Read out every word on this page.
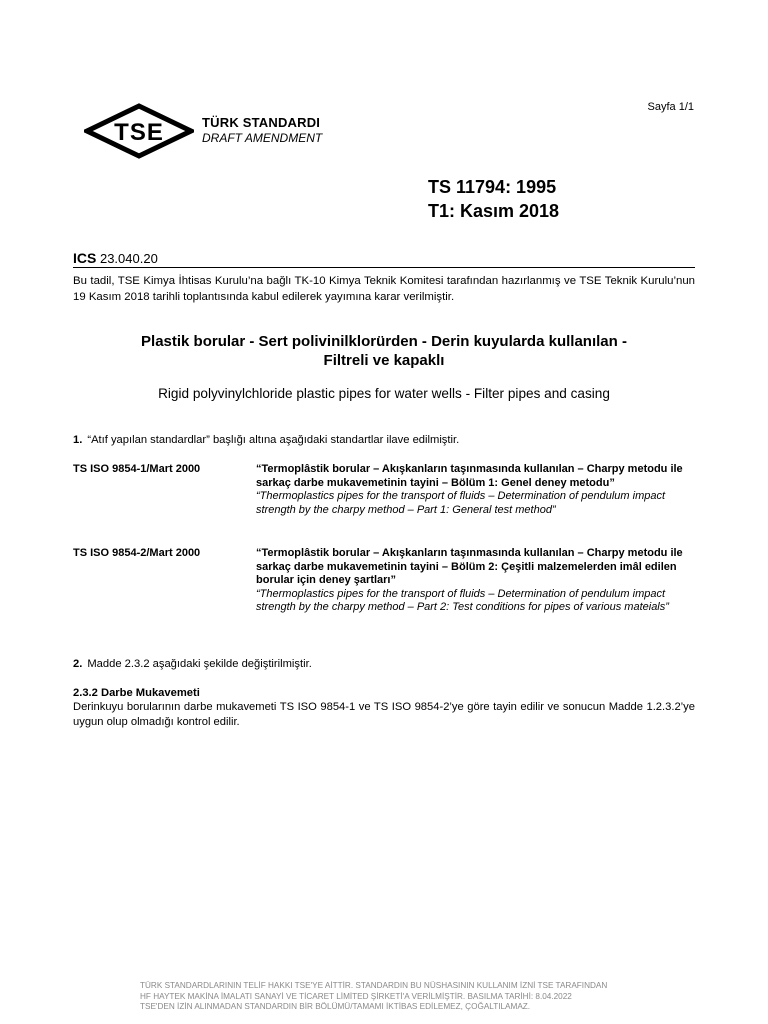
TSE	TÜRK STANDARDI
DRAFT AMENDMENT
Sayfa 1/1
TS 11794: 1995
T1: Kasım 2018
ICS 23.040.20
Bu tadil, TSE Kimya İhtisas Kurulu’na bağlı TK-10 Kimya Teknik Komitesi tarafından hazırlanmış ve TSE Teknik Kurulu’nun 19 Kasım 2018 tarihli toplantısında kabul edilerek yayımına karar verilmiştir.
Plastik borular - Sert polivinilklorürden - Derin kuyularda kullanılan -
Filtreli ve kapaklı
Rigid polyvinylchloride plastic pipes for water wells - Filter pipes and casing
1. “Atıf yapılan standardlar” başlığı altına aşağıdaki standartlar ilave edilmiştir.
TS ISO 9854-1/Mart 2000	“Termoplâstik borular – Akışkanların taşınmasında kullanılan – Charpy metodu ile sarkaç darbe mukavemetinin tayini – Bölüm 1: Genel deney metodu”
“Thermoplastics pipes for the transport of fluids – Determination of pendulum impact strength by the charpy method – Part 1: General test method”
TS ISO 9854-2/Mart 2000	“Termoplâstik borular – Akışkanların taşınmasında kullanılan – Charpy metodu ile sarkaç darbe mukavemetinin tayini – Bölüm 2: Çeşitli malzemelerden imâl edilen borular için deney şartları”
“Thermoplastics pipes for the transport of fluids – Determination of pendulum impact strength by the charpy method – Part 2: Test conditions for pipes of various mateials”
2. Madde 2.3.2 aşağıdaki şekilde değiştirilmiştir.
2.3.2 Darbe Mukavemeti
Derinkuyu borularının darbe mukavemeti TS ISO 9854-1 ve TS ISO 9854-2’ye göre tayin edilir ve sonucun Madde 1.2.3.2’ye uygun olup olmadığı kontrol edilir.
TÜRK STANDARDLARININ TELİF HAKKI TSE'YE AİTTİR. STANDARDIN BU NÜSHASININ KULLANIM İZNİ TSE TARAFINDAN
HF HAYTEK MAKİNA İMALATI SANAYİ VE TİCARET LİMİTED ŞİRKETİ'A VERİLMİŞTİR. BASILMA TARİHİ: 8.04.2022
TSE'DEN İZİN ALINMADAN STANDARDIN BİR BÖLÜMÜ/TAMAMI İKTİBAS EDİLEMEZ, ÇOĞALTILAMAZ.
